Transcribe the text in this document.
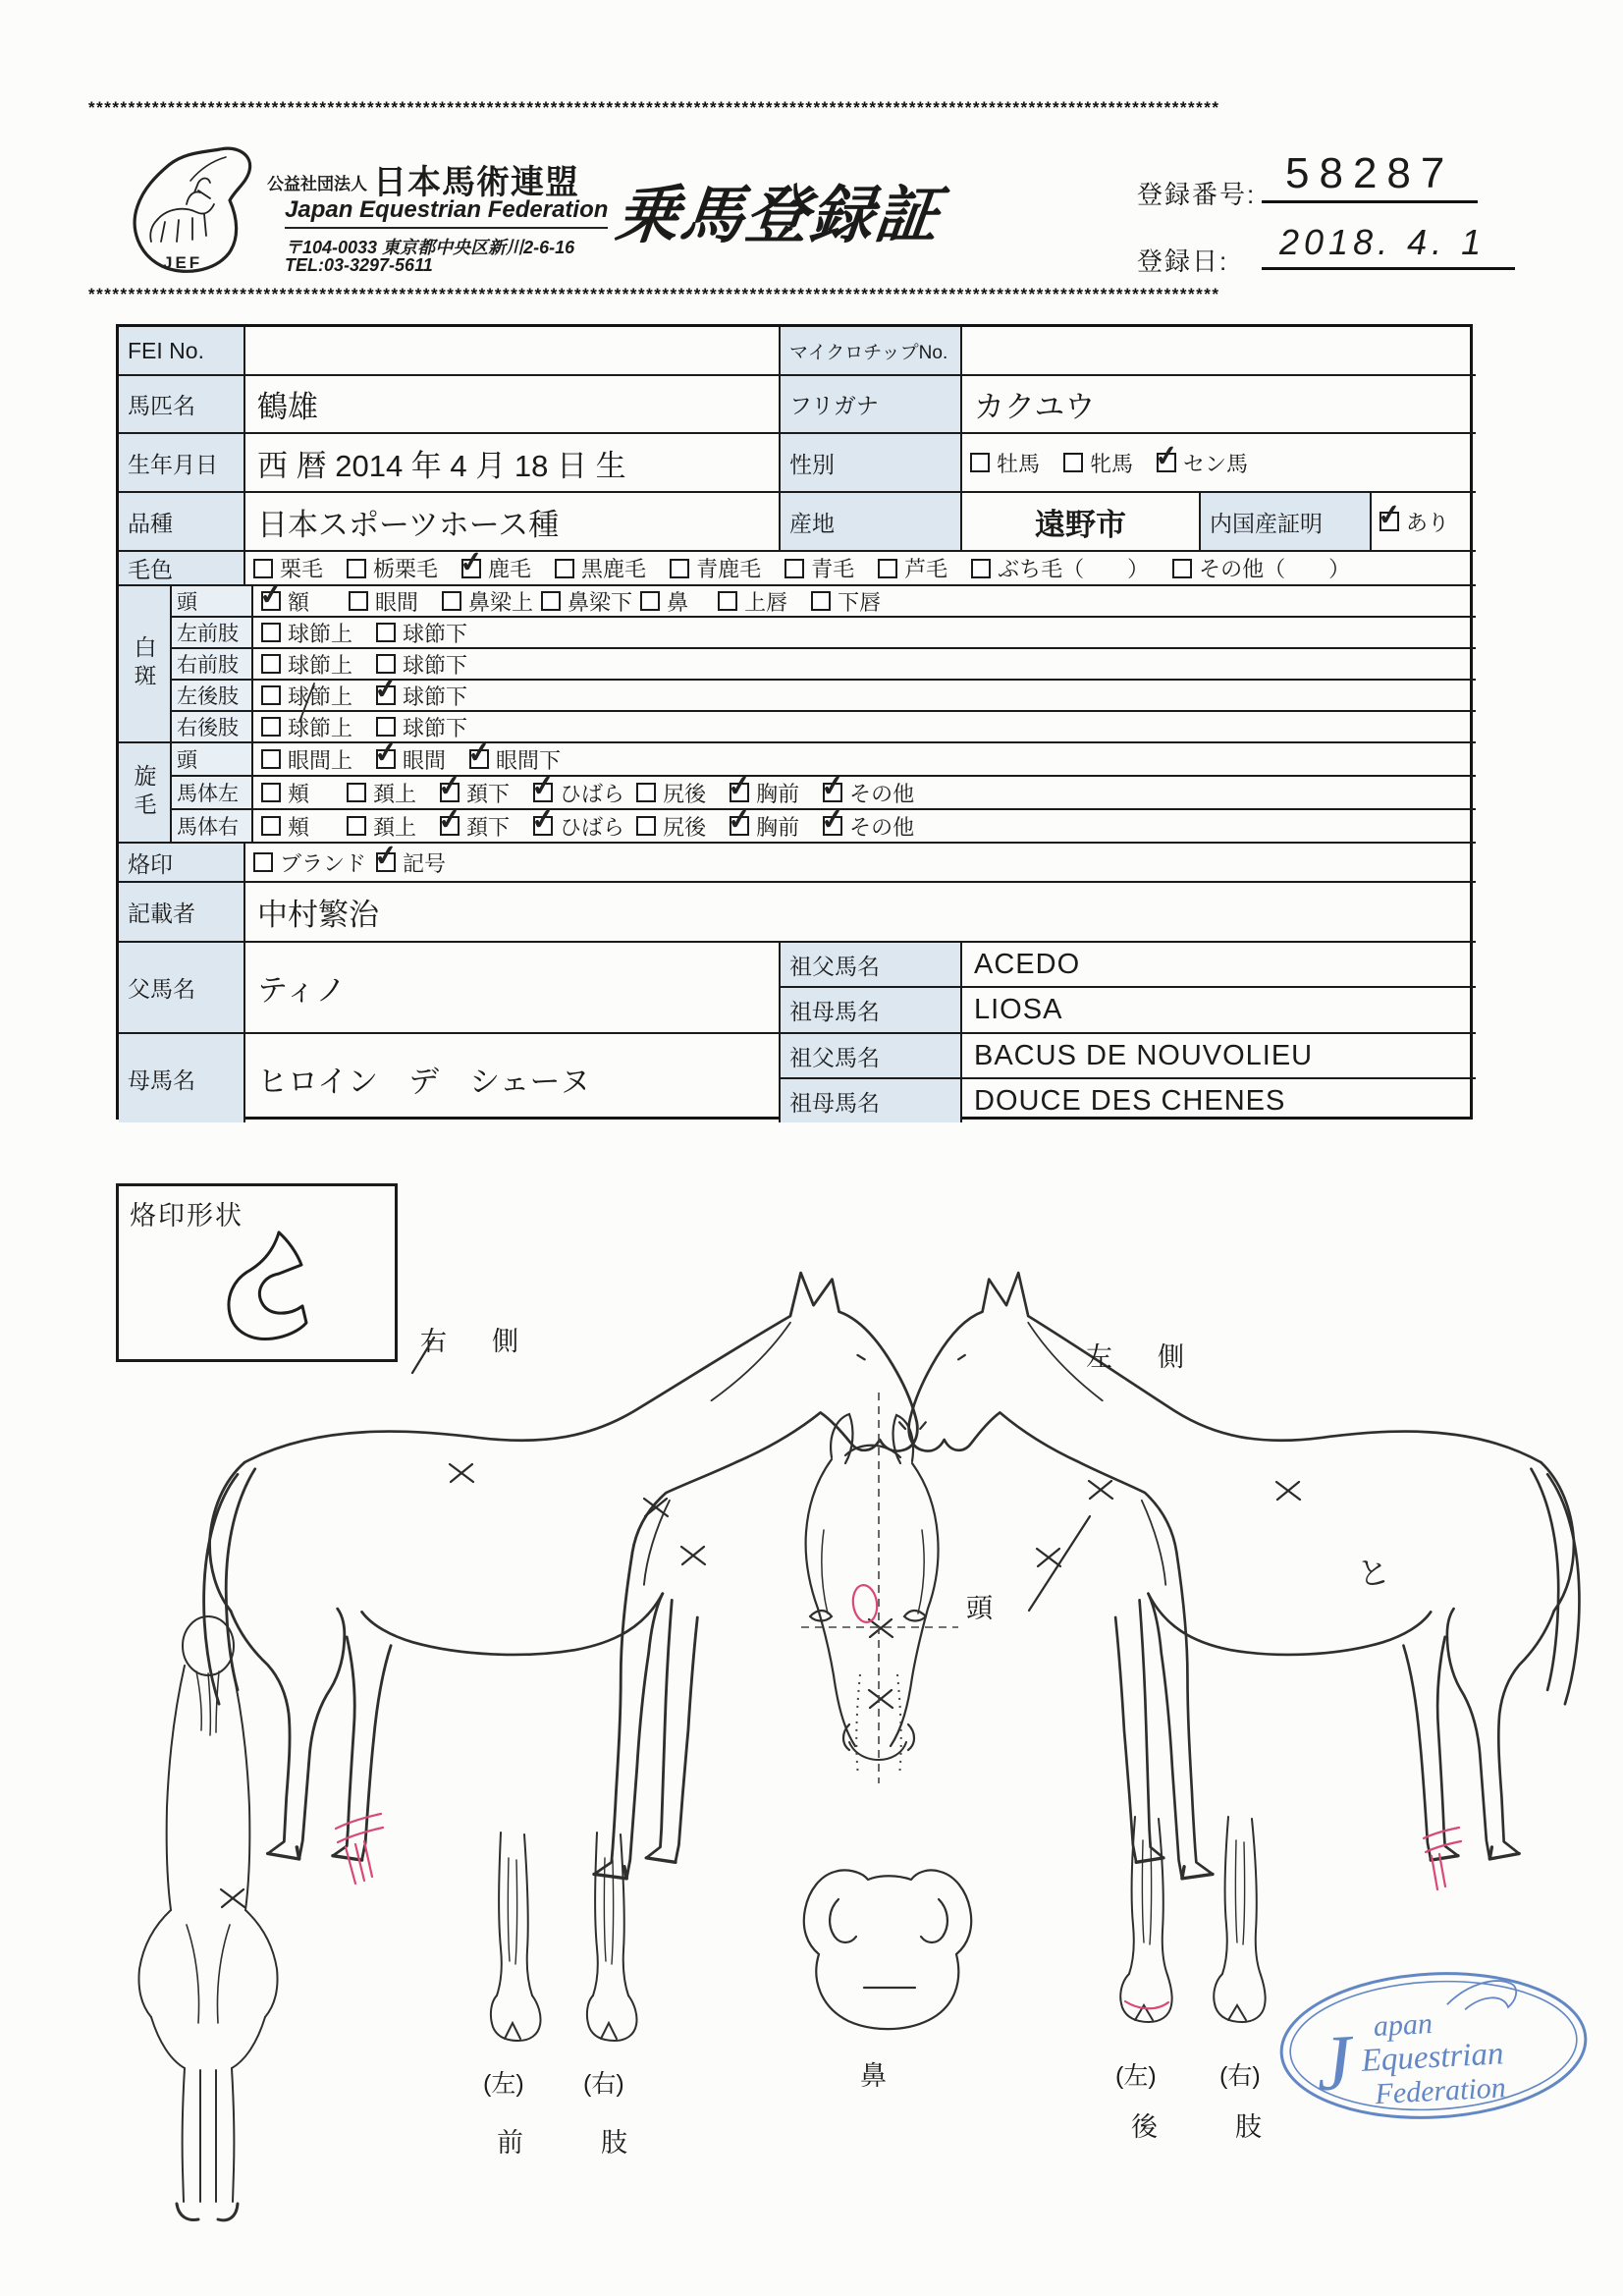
**********************************************************************************************************************************************
**********************************************************************************************************************************************
JEF
公益社団法人 日本馬術連盟
Japan Equestrian Federation
〒104-0033 東京都中央区新川2-6-16
TEL:03-3297-5611
乗馬登録証	登録番号: 58287
登録日:	2018. 4. 1
FEI No.	マイクロチップNo.
馬匹名	鶴雄	フリガナ	カクユウ
生年月日	西 暦 2014 年 4 月 18 日 生	性別	牡馬 牝馬 ✓ セン馬
品種	日本スポーツホース種	産地	遠野市	内国産証明 ✓	あり
毛色	栗毛 栃栗毛 ✓ 鹿毛 黒鹿毛 青鹿毛 青毛 芦毛 ぶち毛（　　） その他（　　）
白斑
頭 ✓	額	眼間 鼻梁上 鼻梁下 鼻	上唇 下唇
左前肢	球節上 球節下
右前肢	球節上 球節下
左後肢	球節上 ✓ 球節下
右後肢	球節上 球節下
旋毛
頭	眼間上 ✓ 眼間 ✓ 眼間下
馬体左	頬	頚上 ✓ 頚下 ✓ ひばら 尻後 ✓ 胸前 ✓ その他
馬体右	頬	頚上 ✓ 頚下 ✓ ひばら 尻後 ✓ 胸前 ✓ その他
烙印	ブランド ✓ 記号
記載者	中村繁治
父馬名	ティノ
祖父馬名	ACEDO
祖母馬名	LIOSA
母馬名	ヒロイン　デ　シェーヌ
祖父馬名	BACUS DE NOUVOLIEU
祖母馬名	DOUCE DES CHENES
烙印形状
右側
左側
頭
鼻
(左) (右)
前	肢
(左)	(右)
後	肢
と
J apan
Equestrian
Federation
